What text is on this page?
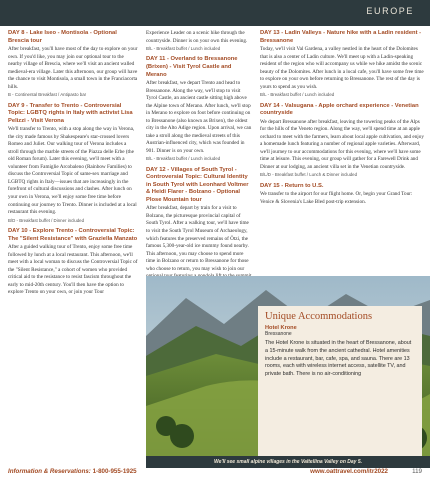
EUROPE
DAY 8 - Lake Iseo - Montisola - Optional Brescia tour
After breakfast, you'll have most of the day to explore on your own. If you'd like, you may join our optional tour to the nearby village of Brescia, where we'll visit an ancient walled medieval-era village. Later this afternoon, our group will have the chance to visit Montisola, a small town in the Franciacorta hills.
B - Continental Breakfast / Antipasto bar
DAY 9 - Transfer to Trento - Controversial Topic: LGBTQ rights in Italy with activist Lisa Pelizzi - Visit Verona
We'll transfer to Trento, with a stop along the way in Verona, the city made famous by Shakespeare's star-crossed lovers Romeo and Juliet. Our walking tour of Verona includes a stroll through the marble streets of the Piazza delle Erbe (the old Roman forum). Later this evening, we'll meet with a volunteer from Famiglie Arcobaleno (Rainbow Families) to discuss the Controversial Topic of same-sex marriage and LGBTQ rights in Italy—issues that are increasingly in the forefront of cultural discussions and clashes. After lunch on your own in Verona, we'll enjoy some free time before continuing our journey to Trento. Dinner is included at a local restaurant this evening.
B/D - Breakfast buffet / Dinner included
DAY 10 - Explore Trento - Controversial Topic: The "Silent Resistance" with Graziella Manzato
After a guided walking tour of Trento, enjoy some free time followed by lunch at a local restaurant. This afternoon, we'll meet with a local woman to discuss the Controversial Topic of the "Silent Resistance," a cohort of women who provided critical aid to the resistance to resist fascism throughout the early to mid-20th century. You'll then have the option to explore Trento on your own, or join your Tour
Experience Leader on a scenic hike through the countryside. Dinner is on your own this evening.
B/L - Breakfast buffet / Lunch included
DAY 11 - Overland to Bressanone (Brixen) - Visit Tyrol Castle and Merano
After breakfast, we depart Trento and head to Bressanone. Along the way, we'll stop to visit Tyrol Castle, an ancient castle sitting high above the Alpine town of Merano. After lunch, we'll stop in Merano to explore on foot before continuing on to Bressanone (also known as Brixen), the oldest city in the Alto Adige region. Upon arrival, we can take a stroll along the medieval streets of this Austrian-influenced city, which was founded in 901. Dinner is on your own.
B/L - Breakfast buffet / Lunch included
DAY 12 - Villages of South Tyrol - Controversial Topic: Cultural Identity in South Tyrol with Leonhard Voltmer & Heidi Flarer - Bolzano - Optional Plose Mountain tour
After breakfast, depart by train for a visit to Bolzano, the picturesque provincial capital of South Tyrol. After a walking tour, we'll have time to visit the South Tyrol Museum of Archaeology, which features the preserved remains of Ötzi, the famous 5,300-year-old ice mummy found nearby. This afternoon, you may choose to spend more time in Bolzano or return to Bressanone for those who choose to return, you may wish to join our
DAY 13 - Ladin Valleys - Nature hike with a Ladin resident - Bressanone
Today, we'll visit Val Gardena, a valley nestled in the heart of the Dolomites that is also a center of Ladin culture. We'll meet up with a Ladin-speaking resident of the region who will accompany us while we hike amidst the scenic beauty of the Dolomites. After lunch in a local cafe, you'll have some free time to explore on your own before returning to Bressanone. The rest of the day is yours to spend as you wish.
B/L - Breakfast buffet / Lunch included
DAY 14 - Valsugana - Apple orchard experience - Venetian countryside
We depart Bressanone after breakfast, leaving the towering peaks of the Alps for the hills of the Veneto region. Along the way, we'll spend time at an apple orchard to meet with the farmers, learn about local apple cultivation, and enjoy a homemade lunch featuring a number of regional apple varieties. Afterward, we'll journey to our accommodations for this evening, where we'll have some time at leisure. This evening, our group will gather for a Farewell Drink and Dinner at our lodging, an ancient villa set in the Venetian countryside.
B/L/D - Breakfast buffet / Lunch & Dinner included
DAY 15 - Return to U.S.
We transfer to the airport for our flight home. Or, begin your Grand Tour: Venice & Slovenia's Lake Bled post-trip extension.
We'll see small alpine villages in the Valtellina Valley on Day 5.
Unique Accommodations
Hotel Krone
Bressanone
The Hotel Krone is situated in the heart of Bressanone, about a 15-minute walk from the ancient cathedral. Hotel amenities include a restaurant, bar, cafe, spa, and sauna. There are 13 rooms, each with wireless internet access, satellite TV, and private bath. There is no air-conditioning
Information & Reservations: 1-800-955-1925	www.oattravel.com/itr2022	119
